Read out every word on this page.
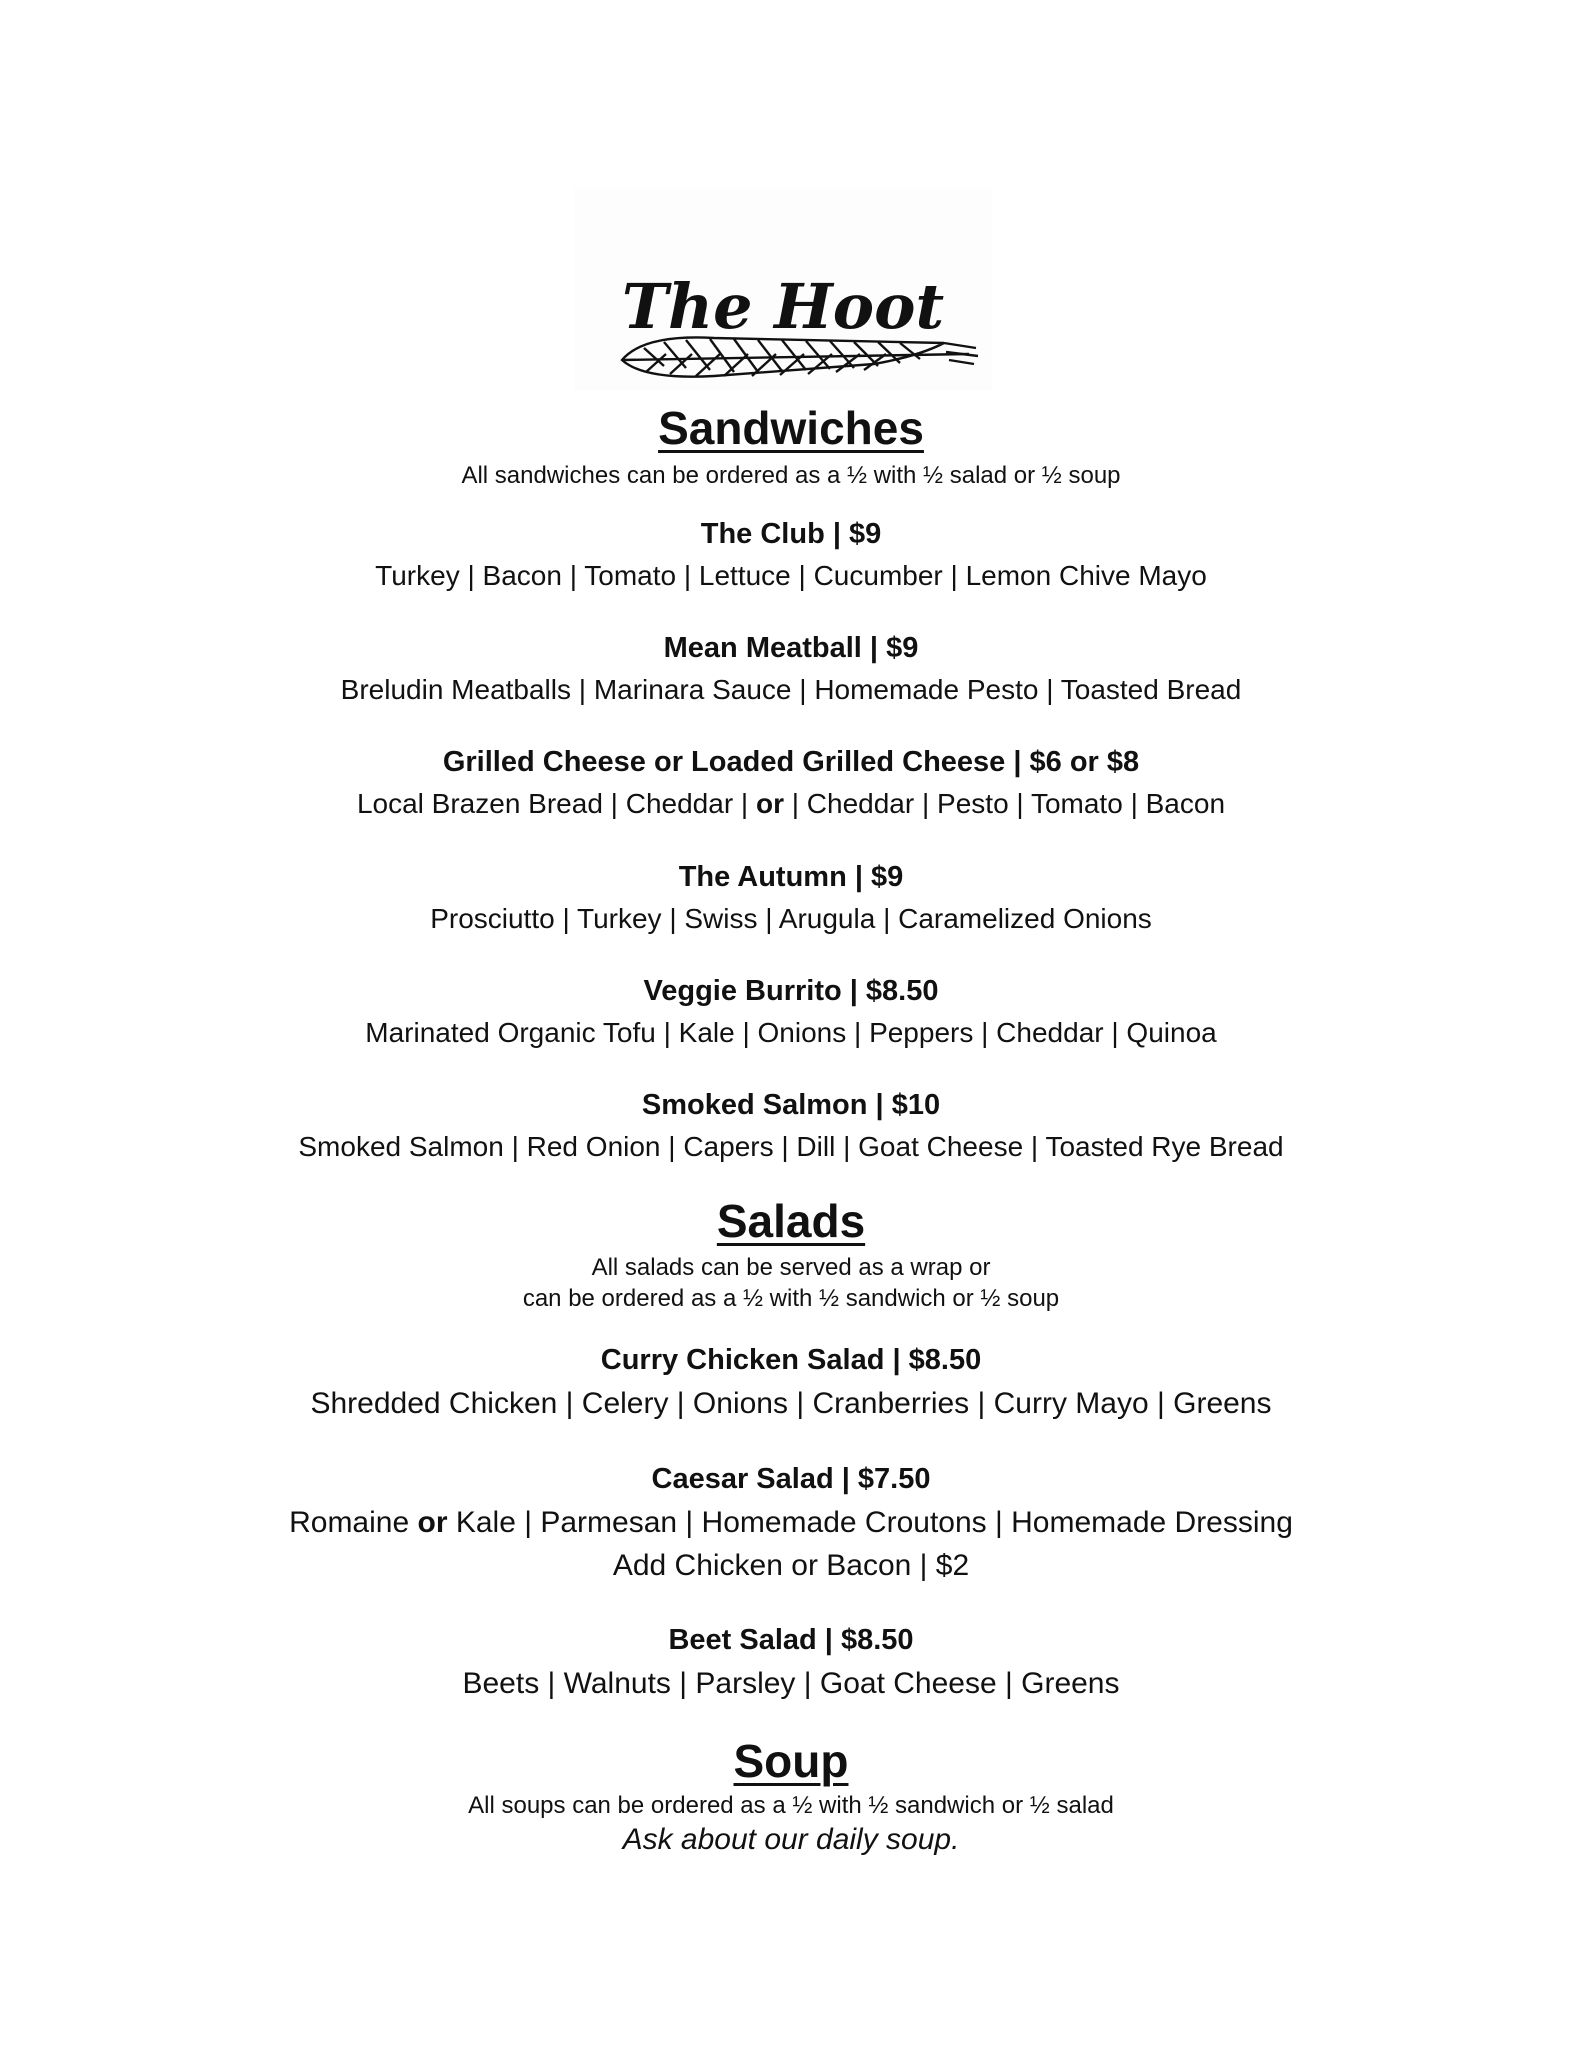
The Hoot
Sandwiches
All sandwiches can be ordered as a ½ with ½ salad or ½ soup
The Club | $9
Turkey | Bacon | Tomato | Lettuce | Cucumber | Lemon Chive Mayo
Mean Meatball | $9
Breludin Meatballs | Marinara Sauce | Homemade Pesto | Toasted Bread
Grilled Cheese or Loaded Grilled Cheese | $6 or $8
Local Brazen Bread | Cheddar | or | Cheddar | Pesto | Tomato | Bacon
The Autumn | $9
Prosciutto | Turkey | Swiss | Arugula | Caramelized Onions
Veggie Burrito | $8.50
Marinated Organic Tofu | Kale | Onions | Peppers | Cheddar | Quinoa
Smoked Salmon | $10
Smoked Salmon | Red Onion | Capers | Dill | Goat Cheese | Toasted Rye Bread
Salads
All salads can be served as a wrap or
can be ordered as a ½ with ½ sandwich or ½ soup
Curry Chicken Salad | $8.50
Shredded Chicken | Celery | Onions | Cranberries | Curry Mayo | Greens
Caesar Salad | $7.50
Romaine or Kale | Parmesan | Homemade Croutons | Homemade Dressing
Add Chicken or Bacon | $2
Beet Salad | $8.50
Beets | Walnuts | Parsley | Goat Cheese | Greens
Soup
All soups can be ordered as a ½ with ½ sandwich or ½ salad
Ask about our daily soup.
